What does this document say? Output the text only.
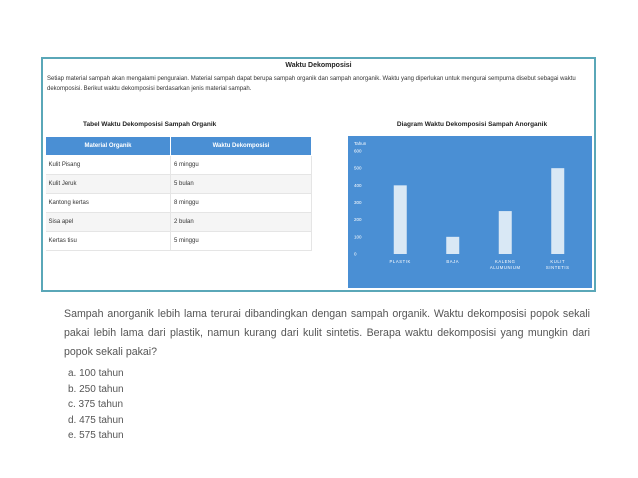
Waktu Dekomposisi
Setiap material sampah akan mengalami penguraian. Material sampah dapat berupa sampah organik dan sampah anorganik. Waktu yang diperlukan untuk mengurai sempurna disebut sebagai waktu dekomposisi. Berikut waktu dekomposisi berdasarkan jenis material sampah.
Tabel Waktu Dekomposisi Sampah Organik
Material Organik	Waktu Dekomposisi
Kulit Pisang	6 minggu
Kulit Jeruk	5 bulan
Kantong kertas	8 minggu
Sisa apel	2 bulan
Kertas tisu	5 minggu
Diagram Waktu Dekomposisi Sampah Anorganik
Tahun
0
100
200
300
400
500
600
PLASTIK	BAJA	KALENG
ALUMUNIUM
KULIT
SINTETIS
Sampah anorganik lebih lama terurai dibandingkan dengan sampah organik. Waktu dekomposisi popok sekali pakai lebih lama dari plastik, namun kurang dari kulit sintetis. Berapa waktu dekomposisi yang mungkin dari popok sekali pakai?
a. 100 tahun
b. 250 tahun
c. 375 tahun
d. 475 tahun
e. 575 tahun
